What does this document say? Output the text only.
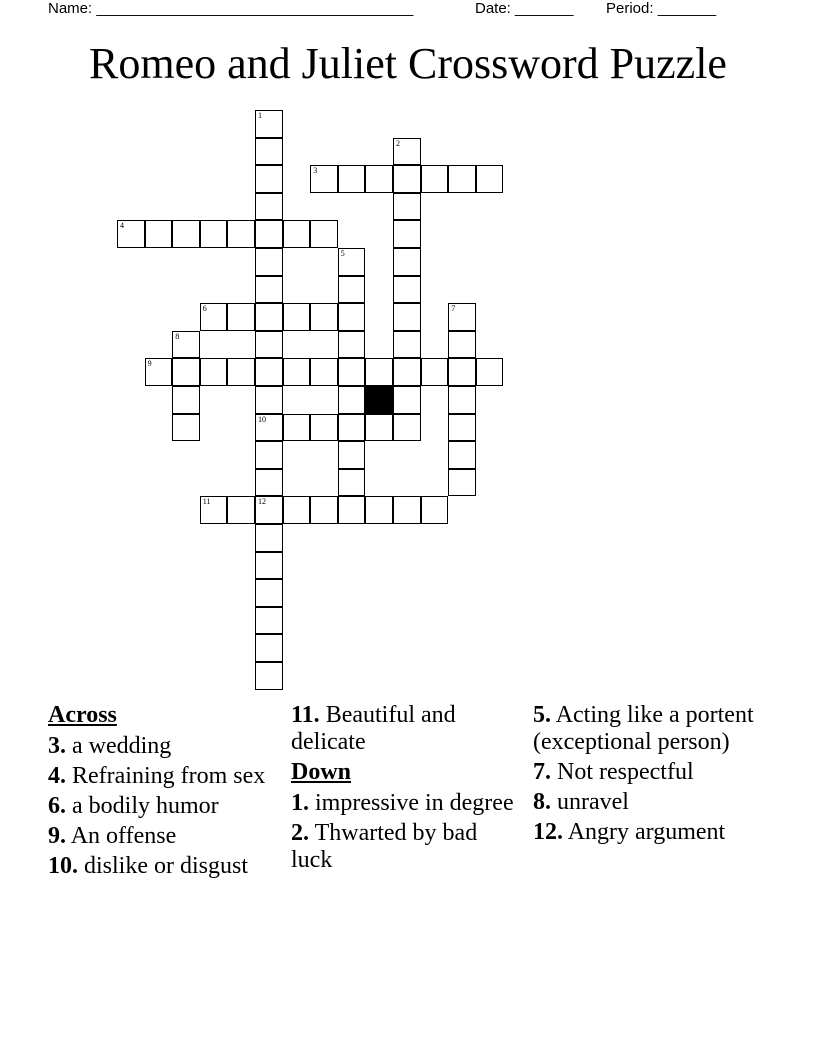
Name: ______________________________________	Date: _______ Period: _______
Romeo and Juliet Crossword Puzzle
3
4
6
9
10
11	12
1
2
5
7
8
Across
3. a wedding
4. Refraining from sex
6. a bodily humor
9. An offense
10. dislike or disgust
11. Beautiful and delicate
Down
1. impressive in degree
2. Thwarted by bad luck
5. Acting like a portent (exceptional person)
7. Not respectful
8. unravel
12. Angry argument
